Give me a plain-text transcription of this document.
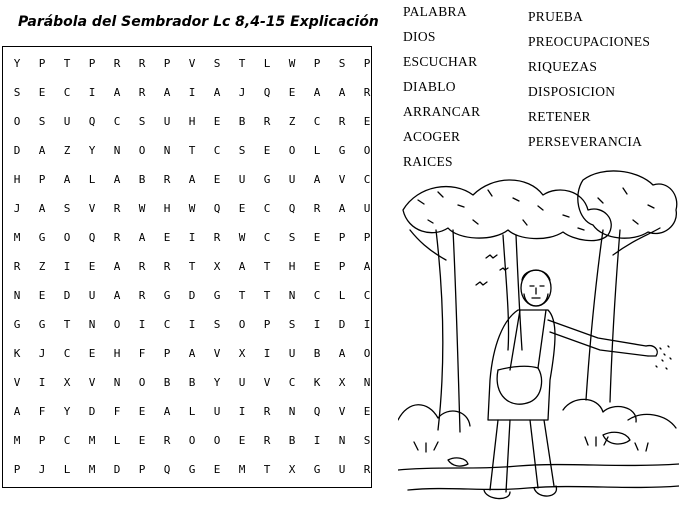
Parábola del Sembrador Lc 8,4-15 Explicación
Y	P	T	P	R	R	P	V	S	T	L	W	P	S	P
S	E	C	I	A	R	A	I	A	J	Q	E	A	A	R
O	S	U	Q	C	S	U	H	E	B	R	Z	C	R	E
D	A	Z	Y	N	O	N	T	C	S	E	O	L	G	O
H	P	A	L	A	B	R	A	E	U	G	U	A	V	C
J	A	S	V	R	W	H	W	Q	E	C	Q	R	A	U
M	G	O	Q	R	A	E	I	R	W	C	S	E	P	P
R	Z	I	E	A	R	R	T	X	A	T	H	E	P	A
N	E	D	U	A	R	G	D	G	T	T	N	C	L	C
G	G	T	N	O	I	C	I	S	O	P	S	I	D	I
K	J	C	E	H	F	P	A	V	X	I	U	B	A	O
V	I	X	V	N	O	B	B	Y	U	V	C	K	X	N
A	F	Y	D	F	E	A	L	U	I	R	N	Q	V	E
M	P	C	M	L	E	R	O	O	E	R	B	I	N	S
P	J	L	M	D	P	Q	G	E	M	T	X	G	U	R
PALABRA
DIOS
ESCUCHAR
DIABLO
ARRANCAR
ACOGER
RAICES
PRUEBA
PREOCUPACIONES
RIQUEZAS
DISPOSICION
RETENER
PERSEVERANCIA
